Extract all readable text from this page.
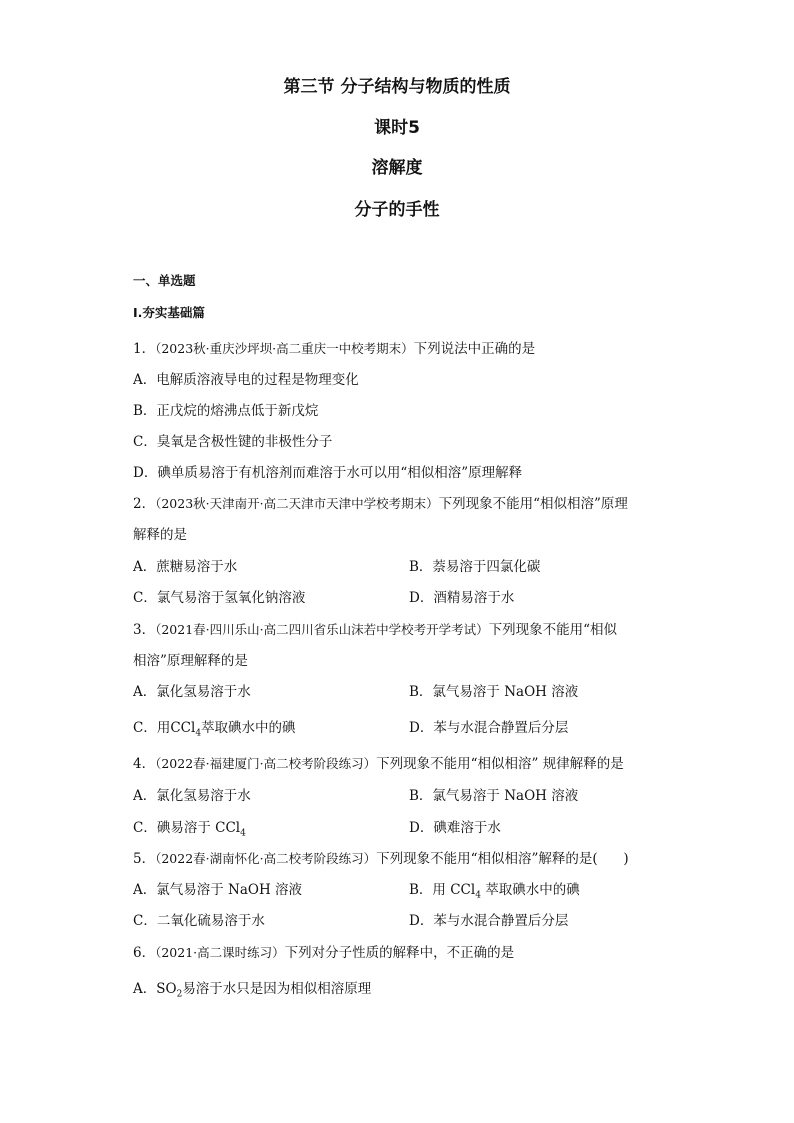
第三节 分子结构与物质的性质
课时5
溶解度
分子的手性
一、单选题
Ⅰ.夯实基础篇
1．（2023秋·重庆沙坪坝·高二重庆一中校考期末）下列说法中正确的是
A．电解质溶液导电的过程是物理变化
B．正戊烷的熔沸点低于新戊烷
C．臭氧是含极性键的非极性分子
D．碘单质易溶于有机溶剂而难溶于水可以用“相似相溶”原理解释
2．（2023秋·天津南开·高二天津市天津中学校考期末）下列现象不能用“相似相溶”原理
解释的是
A．蔗糖易溶于水	B．萘易溶于四氯化碳
C．氯气易溶于氢氧化钠溶液	D．酒精易溶于水
3．（2021春·四川乐山·高二四川省乐山沫若中学校考开学考试）下列现象不能用“相似
相溶”原理解释的是
A．氯化氢易溶于水	B．氯气易溶于 NaOH 溶液
C．用CCl$_4$萃取碘水中的碘	D．苯与水混合静置后分层
4．（2022春·福建厦门·高二校考阶段练习）下列现象不能用“相似相溶” 规律解释的是
A．氯化氢易溶于水	B．氯气易溶于 NaOH 溶液
C．碘易溶于 CCl$_4$	D．碘难溶于水
5．（2022春·湖南怀化·高二校考阶段练习）下列现象不能用“相似相溶”解释的是(      )
A．氯气易溶于 NaOH 溶液	B．用 CCl$_4$ 萃取碘水中的碘
C．二氧化硫易溶于水	D．苯与水混合静置后分层
6．（2021·高二课时练习）下列对分子性质的解释中，不正确的是
A．$SO_2$易溶于水只是因为相似相溶原理
